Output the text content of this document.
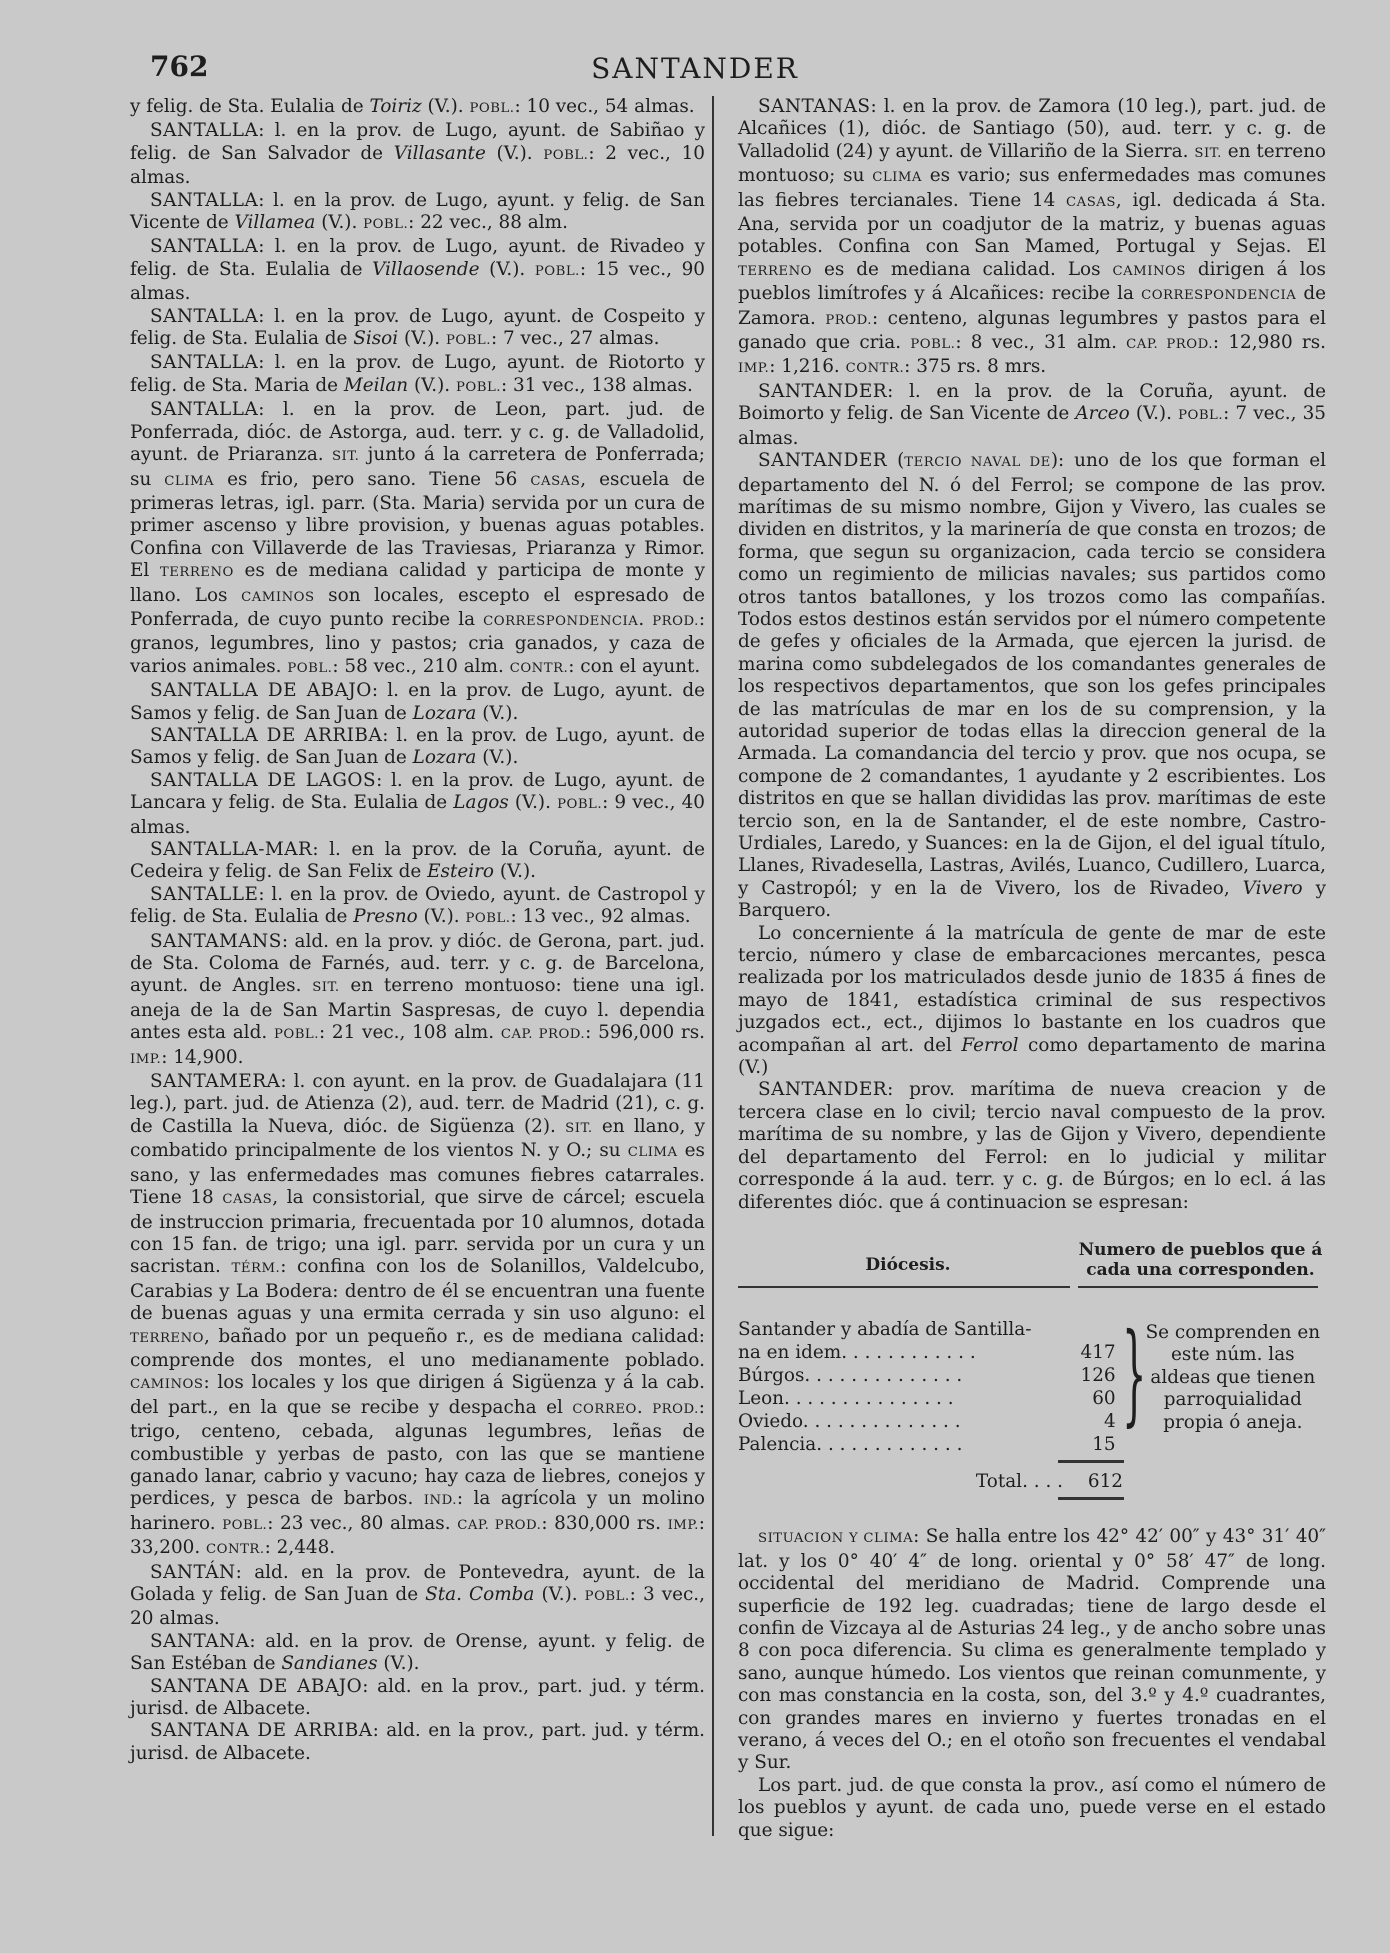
762	SANTANDER

y felig. de Sta. Eulalia de Toiriz (V.). POBL.: 10 vec., 54 almas.

SANTALLA: l. en la prov. de Lugo, ayunt. de Sabiñao y felig. de San Salvador de Villasante (V.). POBL.: 2 vec., 10 almas.

SANTALLA: l. en la prov. de Lugo, ayunt. y felig. de San Vicente de Villamea (V.). POBL.: 22 vec., 88 alm.

SANTALLA: l. en la prov. de Lugo, ayunt. de Rivadeo y felig. de Sta. Eulalia de Villaosende (V.). POBL.: 15 vec., 90 almas.

SANTALLA: l. en la prov. de Lugo, ayunt. de Cospeito y felig. de Sta. Eulalia de Sisoi (V.). POBL.: 7 vec., 27 almas.

SANTALLA: l. en la prov. de Lugo, ayunt. de Riotorto y felig. de Sta. Maria de Meilan (V.). POBL.: 31 vec., 138 almas.

SANTALLA: l. en la prov. de Leon, part. jud. de Ponferrada, dióc. de Astorga, aud. terr. y c. g. de Valladolid, ayunt. de Priaranza. SIT. junto á la carretera de Ponferrada; su CLIMA es frio, pero sano. Tiene 56 CASAS, escuela de primeras letras, igl. parr. (Sta. Maria) servida por un cura de primer ascenso y libre provision, y buenas aguas potables. Confina con Villaverde de las Traviesas, Priaranza y Rimor. El TERRENO es de mediana calidad y participa de monte y llano. Los CAMINOS son locales, escepto el espresado de Ponferrada, de cuyo punto recibe la CORRESPONDENCIA. PROD.: granos, legumbres, lino y pastos; cria ganados, y caza de varios animales. POBL.: 58 vec., 210 alm. CONTR.: con el ayunt.

SANTALLA DE ABAJO: l. en la prov. de Lugo, ayunt. de Samos y felig. de San Juan de Lozara (V.).

SANTALLA DE ARRIBA: l. en la prov. de Lugo, ayunt. de Samos y felig. de San Juan de Lozara (V.).

SANTALLA DE LAGOS: l. en la prov. de Lugo, ayunt. de Lancara y felig. de Sta. Eulalia de Lagos (V.). POBL.: 9 vec., 40 almas.

SANTALLA-MAR: l. en la prov. de la Coruña, ayunt. de Cedeira y felig. de San Felix de Esteiro (V.).

SANTALLE: l. en la prov. de Oviedo, ayunt. de Castropol y felig. de Sta. Eulalia de Presno (V.). POBL.: 13 vec., 92 almas.

SANTAMANS: ald. en la prov. y dióc. de Gerona, part. jud. de Sta. Coloma de Farnés, aud. terr. y c. g. de Barcelona, ayunt. de Angles. SIT. en terreno montuoso: tiene una igl. aneja de la de San Martin Saspresas, de cuyo l. dependia antes esta ald. POBL.: 21 vec., 108 alm. CAP. PROD.: 596,000 rs. IMP.: 14,900.

SANTAMERA: l. con ayunt. en la prov. de Guadalajara (11 leg.), part. jud. de Atienza (2), aud. terr. de Madrid (21), c. g. de Castilla la Nueva, dióc. de Sigüenza (2). SIT. en llano, y combatido principalmente de los vientos N. y O.; su CLIMA es sano, y las enfermedades mas comunes fiebres catarrales. Tiene 18 CASAS, la consistorial, que sirve de cárcel; escuela de instruccion primaria, frecuentada por 10 alumnos, dotada con 15 fan. de trigo; una igl. parr. servida por un cura y un sacristan. TÉRM.: confina con los de Solanillos, Valdelcubo, Carabias y La Bodera: dentro de él se encuentran una fuente de buenas aguas y una ermita cerrada y sin uso alguno: el TERRENO, bañado por un pequeño r., es de mediana calidad: comprende dos montes, el uno medianamente poblado. CAMINOS: los locales y los que dirigen á Sigüenza y á la cab. del part., en la que se recibe y despacha el CORREO. PROD.: trigo, centeno, cebada, algunas legumbres, leñas de combustible y yerbas de pasto, con las que se mantiene ganado lanar, cabrio y vacuno; hay caza de liebres, conejos y perdices, y pesca de barbos. IND.: la agrícola y un molino harinero. POBL.: 23 vec., 80 almas. CAP. PROD.: 830,000 rs. IMP.: 33,200. CONTR.: 2,448.

SANTÁN: ald. en la prov. de Pontevedra, ayunt. de la Golada y felig. de San Juan de Sta. Comba (V.). POBL.: 3 vec., 20 almas.

SANTANA: ald. en la prov. de Orense, ayunt. y felig. de San Estéban de Sandianes (V.).

SANTANA DE ABAJO: ald. en la prov., part. jud. y térm. jurisd. de Albacete.

SANTANA DE ARRIBA: ald. en la prov., part. jud. y térm. jurisd. de Albacete.

SANTANAS: l. en la prov. de Zamora (10 leg.), part. jud. de Alcañices (1), dióc. de Santiago (50), aud. terr. y c. g. de Valladolid (24) y ayunt. de Villariño de la Sierra. SIT. en terreno montuoso; su CLIMA es vario; sus enfermedades mas comunes las fiebres tercianales. Tiene 14 CASAS, igl. dedicada á Sta. Ana, servida por un coadjutor de la matriz, y buenas aguas potables. Confina con San Mamed, Portugal y Sejas. El TERRENO es de mediana calidad. Los CAMINOS dirigen á los pueblos limítrofes y á Alcañices: recibe la CORRESPONDENCIA de Zamora. PROD.: centeno, algunas legumbres y pastos para el ganado que cria. POBL.: 8 vec., 31 alm. CAP. PROD.: 12,980 rs. IMP.: 1,216. CONTR.: 375 rs. 8 mrs.

SANTANDER: l. en la prov. de la Coruña, ayunt. de Boimorto y felig. de San Vicente de Arceo (V.). POBL.: 7 vec., 35 almas.

SANTANDER (TERCIO NAVAL DE): uno de los que forman el departamento del N. ó del Ferrol; se compone de las prov. marítimas de su mismo nombre, Gijon y Vivero, las cuales se dividen en distritos, y la marinería de que consta en trozos; de forma, que segun su organizacion, cada tercio se considera como un regimiento de milicias navales; sus partidos como otros tantos batallones, y los trozos como las compañías. Todos estos destinos están servidos por el número competente de gefes y oficiales de la Armada, que ejercen la jurisd. de marina como subdelegados de los comandantes generales de los respectivos departamentos, que son los gefes principales de las matrículas de mar en los de su comprension, y la autoridad superior de todas ellas la direccion general de la Armada. La comandancia del tercio y prov. que nos ocupa, se compone de 2 comandantes, 1 ayudante y 2 escribientes. Los distritos en que se hallan divididas las prov. marítimas de este tercio son, en la de Santander, el de este nombre, Castro-Urdiales, Laredo, y Suances: en la de Gijon, el del igual título, Llanes, Rivadesella, Lastras, Avilés, Luanco, Cudillero, Luarca, y Castropól; y en la de Vivero, los de Rivadeo, Vivero y Barquero.

Lo concerniente á la matrícula de gente de mar de este tercio, número y clase de embarcaciones mercantes, pesca realizada por los matriculados desde junio de 1835 á fines de mayo de 1841, estadística criminal de sus respectivos juzgados ect., ect., dijimos lo bastante en los cuadros que acompañan al art. del Ferrol como departamento de marina (V.)

SANTANDER: prov. marítima de nueva creacion y de tercera clase en lo civil; tercio naval compuesto de la prov. marítima de su nombre, y las de Gijon y Vivero, dependiente del departamento del Ferrol: en lo judicial y militar corresponde á la aud. terr. y c. g. de Búrgos; en lo ecl. á las diferentes dióc. que á continuacion se espresan:

Diócesis.
Numero de pueblos que á cada una corresponden.
Santander y abadía de Santilla-
na en idem. . . . . . . . . . . .	417
Búrgos. . . . . . . . . . . . . .	126
Leon. . . . . . . . . . . . . . .	60
Oviedo. . . . . . . . . . . . . .	4
Palencia. . . . . . . . . . . . .	15
} Se comprenden en este núm. las aldeas que tienen parroquialidad propia ó aneja.
Total. . . .	612

SITUACION Y CLIMA: Se halla entre los 42° 42′ 00″ y 43° 31′ 40″ lat. y los 0° 40′ 4″ de long. oriental y 0° 58′ 47″ de long. occidental del meridiano de Madrid. Comprende una superficie de 192 leg. cuadradas; tiene de largo desde el confin de Vizcaya al de Asturias 24 leg., y de ancho sobre unas 8 con poca diferencia. Su clima es generalmente templado y sano, aunque húmedo. Los vientos que reinan comunmente, y con mas constancia en la costa, son, del 3.º y 4.º cuadrantes, con grandes mares en invierno y fuertes tronadas en el verano, á veces del O.; en el otoño son frecuentes el vendabal y Sur.

Los part. jud. de que consta la prov., así como el número de los pueblos y ayunt. de cada uno, puede verse en el estado que sigue:
